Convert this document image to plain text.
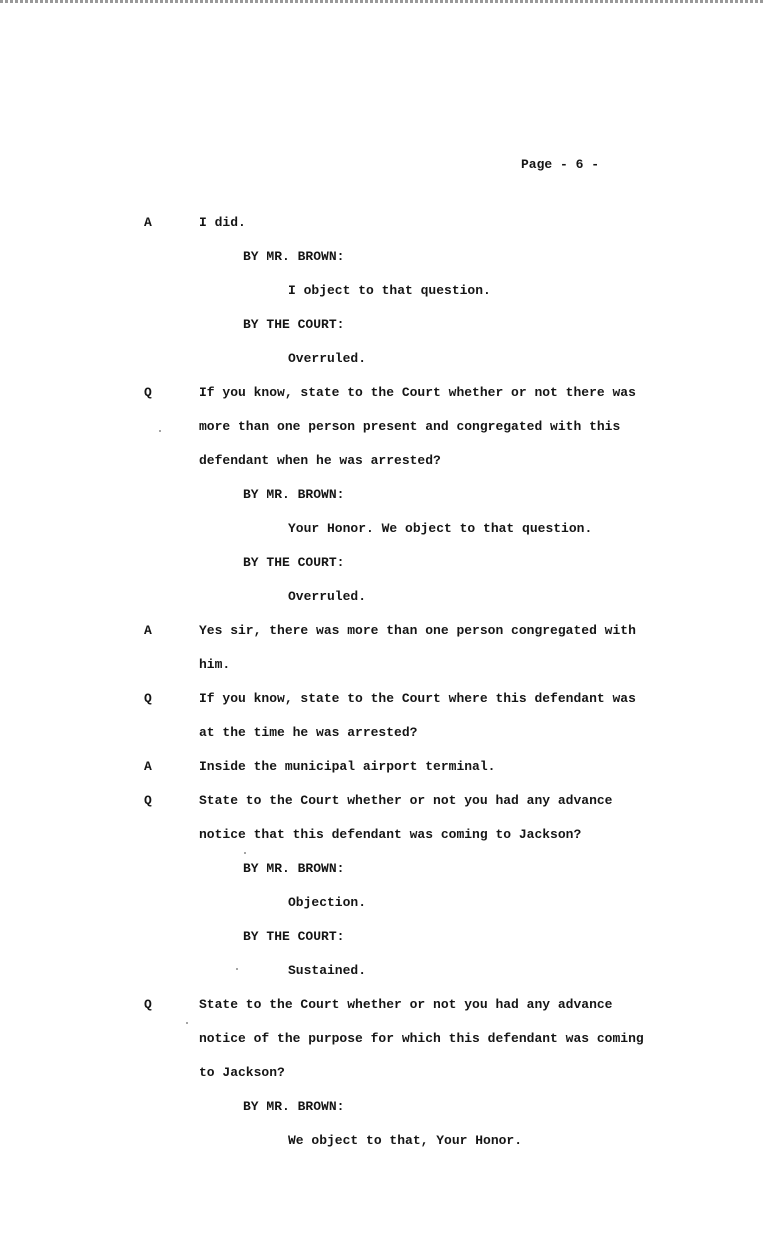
Page - 6 -
A	I did.
BY MR. BROWN:
I object to that question.
BY THE COURT:
Overruled.
Q	If you know, state to the Court whether or not there was
more than one person present and congregated with this
defendant when he was arrested?
BY MR. BROWN:
Your Honor. We object to that question.
BY THE COURT:
Overruled.
A	Yes sir, there was more than one person congregated with
him.
Q	If you know, state to the Court where this defendant was
at the time he was arrested?
A	Inside the municipal airport terminal.
Q	State to the Court whether or not you had any advance
notice that this defendant was coming to Jackson?
BY MR. BROWN:
Objection.
BY THE COURT:
Sustained.
Q	State to the Court whether or not you had any advance
notice of the purpose for which this defendant was coming
to Jackson?
BY MR. BROWN:
We object to that, Your Honor.
